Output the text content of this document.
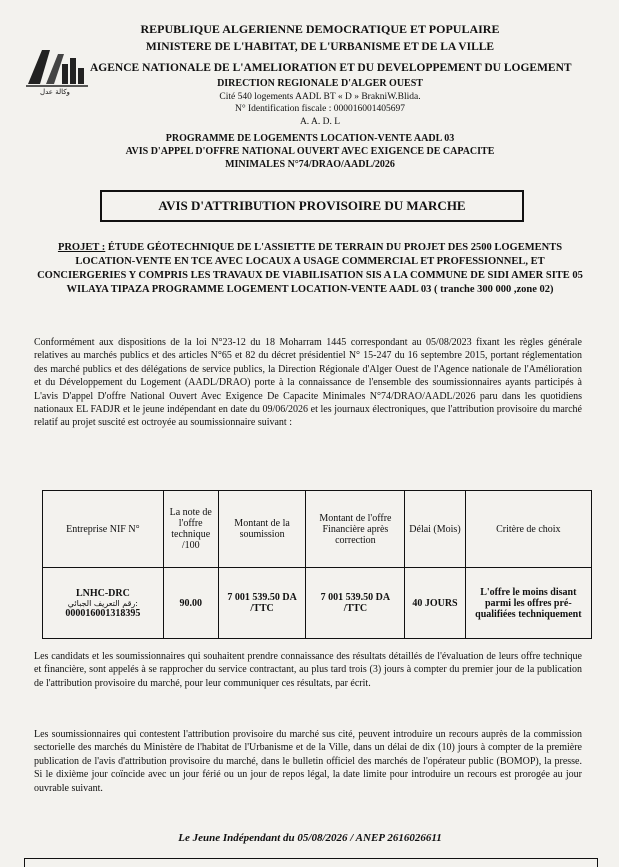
وكالة عدل
REPUBLIQUE ALGERIENNE DEMOCRATIQUE ET POPULAIRE
MINISTERE DE L'HABITAT, DE L'URBANISME ET DE LA VILLE
AGENCE NATIONALE DE L'AMELIORATION ET DU DEVELOPPEMENT DU LOGEMENT
DIRECTION REGIONALE D'ALGER OUEST
Cité 540 logements AADL BT « D » BrakniW.Blida.
N° Identification fiscale : 000016001405697
A. A. D. L
PROGRAMME DE LOGEMENTS LOCATION-VENTE AADL 03
AVIS D'APPEL D'OFFRE NATIONAL OUVERT AVEC EXIGENCE DE CAPACITE
MINIMALES N°74/DRAO/AADL/2026
AVIS D'ATTRIBUTION PROVISOIRE DU MARCHE
PROJET : ÉTUDE GÉOTECHNIQUE DE L'ASSIETTE DE TERRAIN DU PROJET DES 2500 LOGEMENTS LOCATION-VENTE EN TCE AVEC LOCAUX A USAGE COMMERCIAL ET PROFESSIONNEL, ET CONCIERGERIES Y COMPRIS LES TRAVAUX DE VIABILISATION SIS A LA COMMUNE DE SIDI AMER SITE 05 WILAYA TIPAZA PROGRAMME LOGEMENT LOCATION-VENTE AADL 03 ( tranche 300 000 ,zone 02)
Conformément aux dispositions de la loi N°23-12 du 18 Moharram 1445 correspondant au 05/08/2023 fixant les règles générale relatives au marchés publics et des articles N°65 et 82 du décret présidentiel N° 15-247 du 16 septembre 2015, portant réglementation des marché publics et des délégations de service publics, la Direction Régionale d'Alger Ouest de l'Agence nationale de l'Amélioration et du Développement du Logement (AADL/DRAO) porte à la connaissance de l'ensemble des soumissionnaires ayants participés à L'avis D'appel D'offre National Ouvert Avec Exigence De Capacite Minimales N°74/DRAO/AADL/2026 paru dans les quotidiens nationaux EL FADJR et le jeune indépendant en date du 09/06/2026 et les journaux électroniques, que l'attribution provisoire du marché relatif au projet suscité est octroyée au soumissionnaire suivant :
Entreprise NIF N°	La note de l'offre technique /100	Montant de la soumission	Montant de l'offre Financière après correction	Délai (Mois)	Critère de choix
LNHC-DRC
رقم التعريف الجبائي:
000016001318395	90.00	7 001 539.50 DA /TTC	7 001 539.50 DA /TTC	40 JOURS	L'offre le moins disant parmi les offres pré-qualifiées techniquement
Les candidats et les soumissionnaires qui souhaitent prendre connaissance des résultats détaillés de l'évaluation de leurs offre technique et financière, sont appelés à se rapprocher du service contractant, au plus tard trois (3) jours à compter du premier jour de la publication de l'attribution provisoire du marché, pour leur communiquer ces résultats, par écrit.
Les soumissionnaires qui contestent l'attribution provisoire du marché sus cité, peuvent introduire un recours auprès de la commission sectorielle des marchés du Ministère de l'habitat de l'Urbanisme et de la Ville, dans un délai de dix (10) jours à compter de la première publication de l'avis d'attribution provisoire du marché, dans le bulletin officiel des marchés de l'opérateur public (BOMOP), la presse. Si le dixième jour coïncide avec un jour férié ou un jour de repos légal, la date limite pour introduire un recours est prorogée au jour ouvrable suivant.
Le Jeune Indépendant du 05/08/2026 / ANEP 2616026611
